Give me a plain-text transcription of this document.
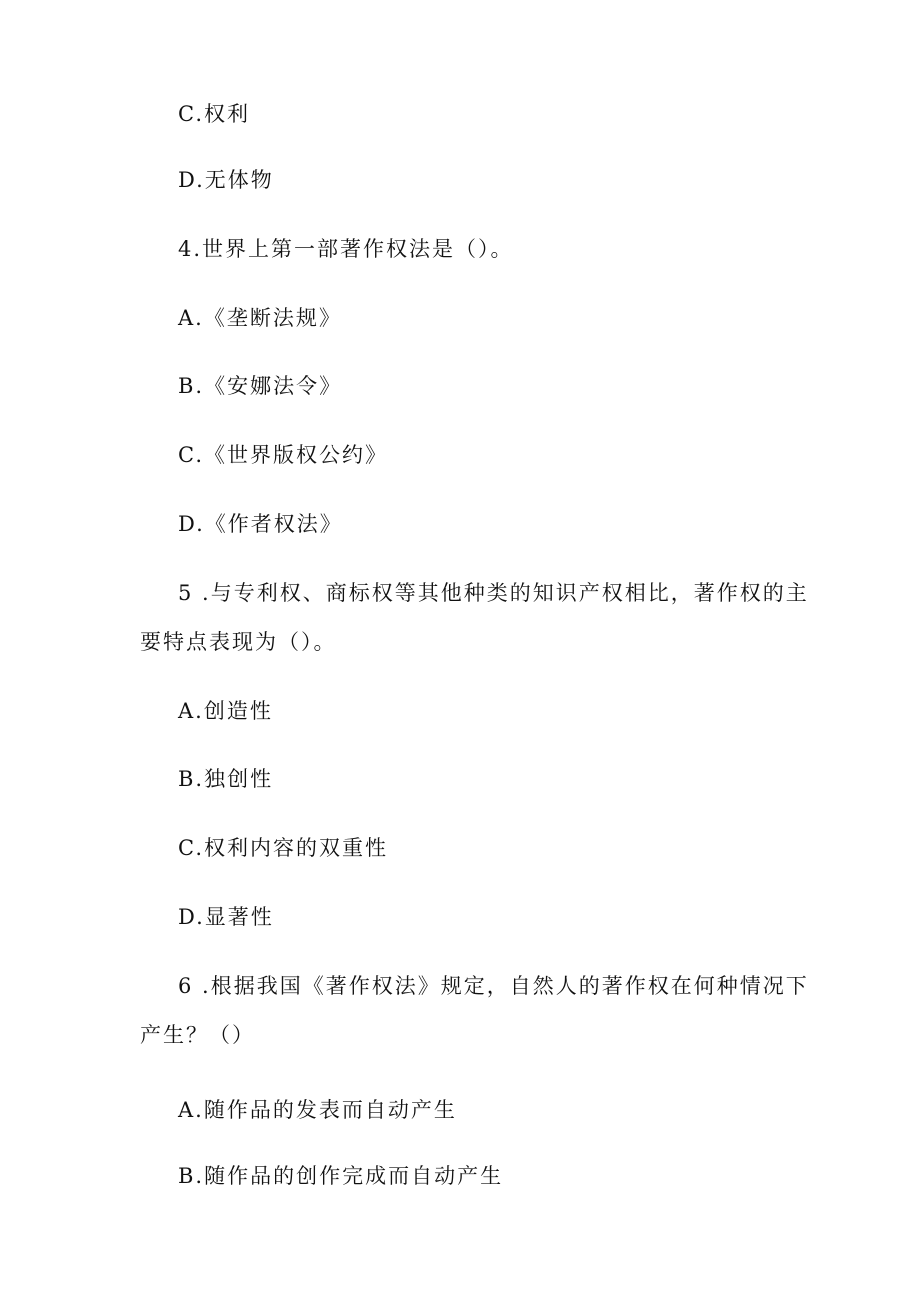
C.权利
D.无体物
4.世界上第一部著作权法是（）。
A.《垄断法规》
B.《安娜法令》
C.《世界版权公约》
D.《作者权法》
5 .与专利权、商标权等其他种类的知识产权相比，著作权的主
要特点表现为（）。
A.创造性
B.独创性
C.权利内容的双重性
D.显著性
6 .根据我国《著作权法》规定，自然人的著作权在何种情况下
产生？（）
A.随作品的发表而自动产生
B.随作品的创作完成而自动产生
